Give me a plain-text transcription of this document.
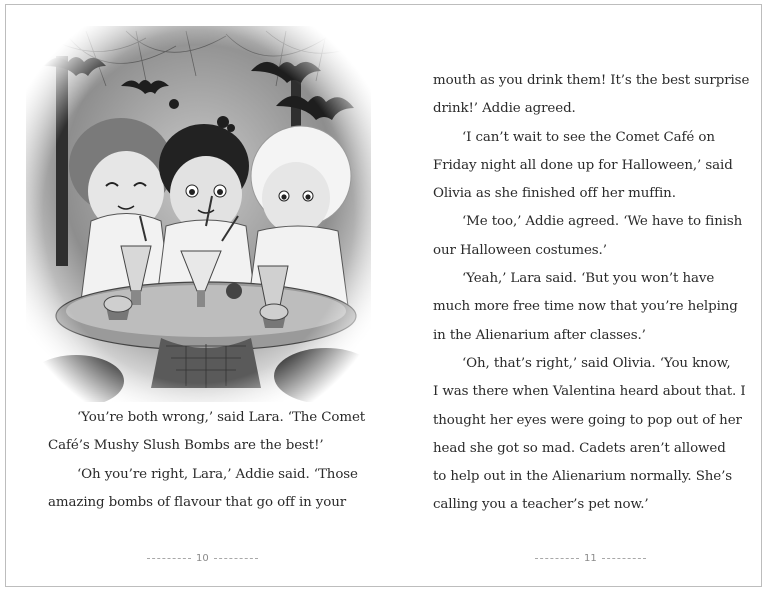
‘You’re both wrong,’ said Lara. ‘The Comet
Café’s Mushy Slush Bombs are the best!’
‘Oh you’re right, Lara,’ Addie said. ‘Those
amazing bombs of flavour that go off in your
10
mouth as you drink them! It’s the best surprise
drink!’ Addie agreed.
‘I can’t wait to see the Comet Café on
Friday night all done up for Halloween,’ said
Olivia as she finished off her muffin.
‘Me too,’ Addie agreed. ‘We have to finish
our Halloween costumes.’
‘Yeah,’ Lara said. ‘But you won’t have
much more free time now that you’re helping
in the Alienarium after classes.’
‘Oh, that’s right,’ said Olivia. ‘You know,
I was there when Valentina heard about that. I
thought her eyes were going to pop out of her
head she got so mad. Cadets aren’t allowed
to help out in the Alienarium normally. She’s
calling you a teacher’s pet now.’
11
